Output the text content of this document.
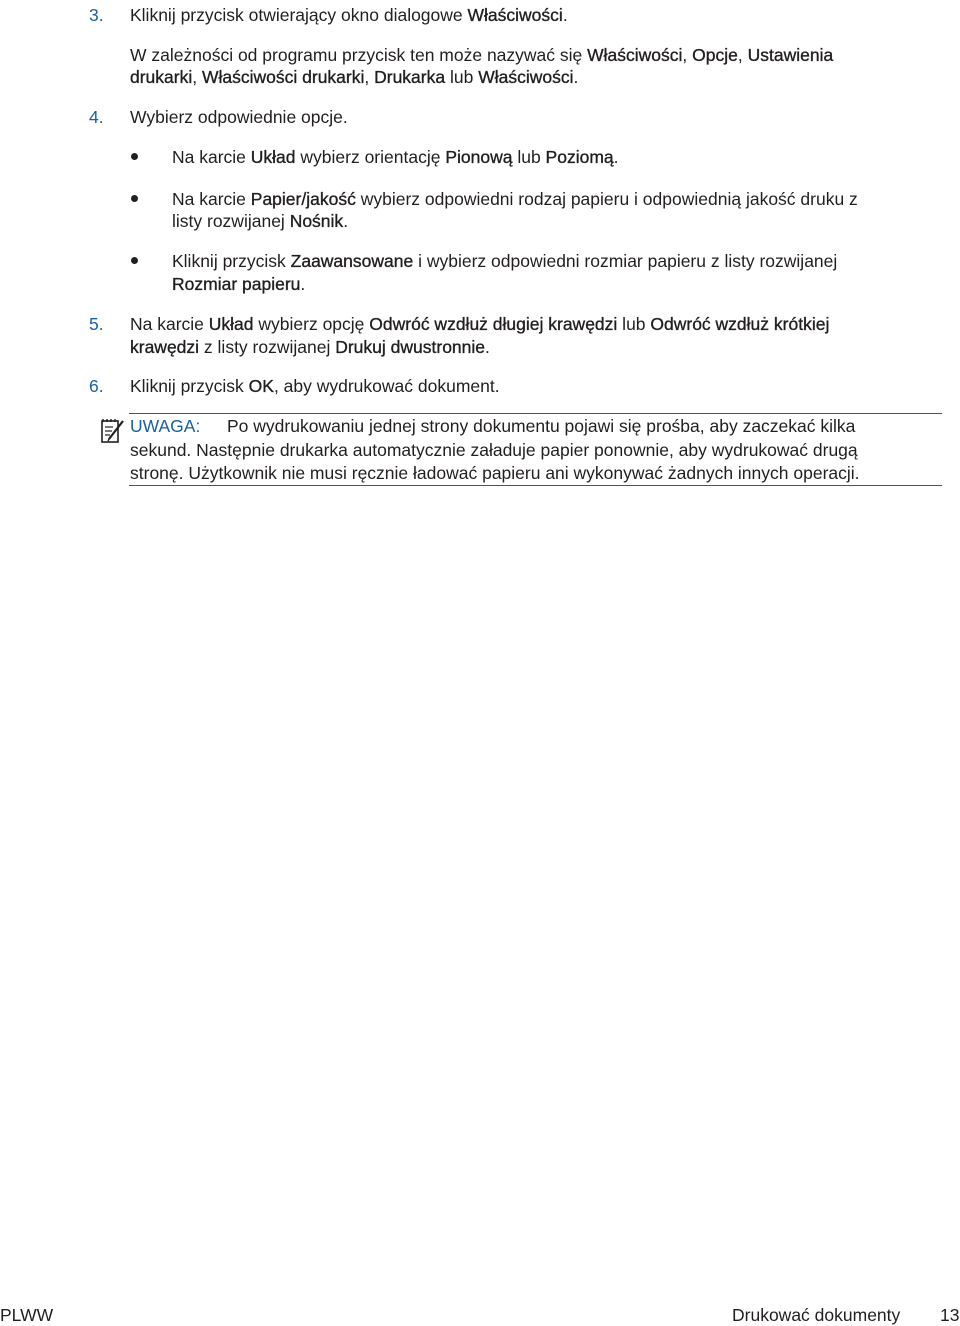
3. Kliknij przycisk otwierający okno dialogowe Właściwości.
W zależności od programu przycisk ten może nazywać się Właściwości, Opcje, Ustawienia
drukarki, Właściwości drukarki, Drukarka lub Właściwości.
4. Wybierz odpowiednie opcje.
Na karcie Układ wybierz orientację Pionową lub Poziomą.
Na karcie Papier/jakość wybierz odpowiedni rodzaj papieru i odpowiednią jakość druku z
listy rozwijanej Nośnik.
Kliknij przycisk Zaawansowane i wybierz odpowiedni rozmiar papieru z listy rozwijanej
Rozmiar papieru.
5. Na karcie Układ wybierz opcję Odwróć wzdłuż długiej krawędzi lub Odwróć wzdłuż krótkiej
krawędzi z listy rozwijanej Drukuj dwustronnie.
6. Kliknij przycisk OK, aby wydrukować dokument.
UWAGA: Po wydrukowaniu jednej strony dokumentu pojawi się prośba, aby zaczekać kilka
sekund. Następnie drukarka automatycznie załaduje papier ponownie, aby wydrukować drugą
stronę. Użytkownik nie musi ręcznie ładować papieru ani wykonywać żadnych innych operacji.
PLWW	Drukować dokumenty 13
